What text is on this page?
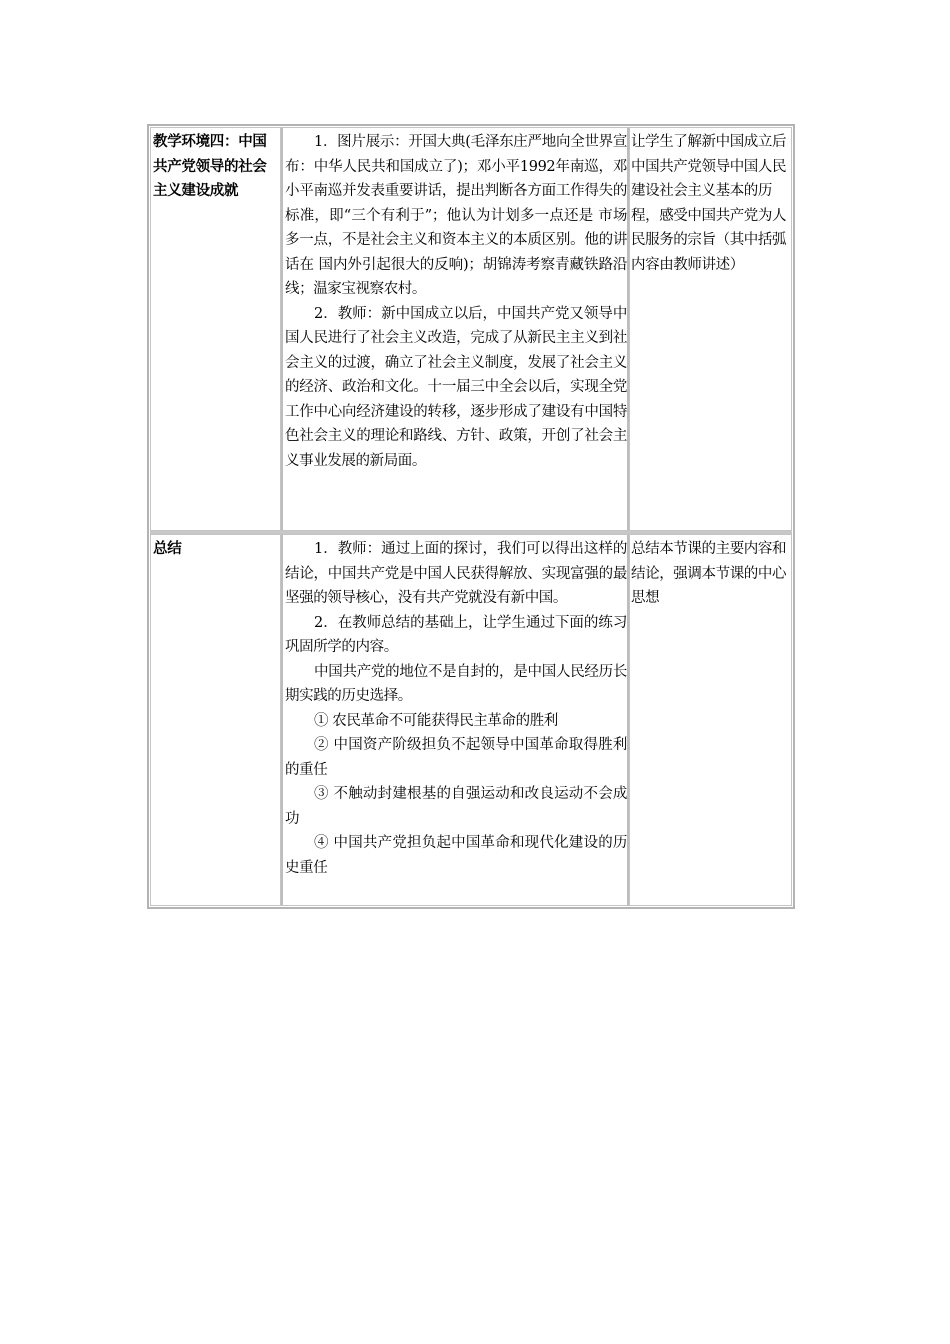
教学环境四：中国共产党领导的社会主义建设成就

1．图片展示：开国大典(毛泽东庄严地向全世界宣布：中华人民共和国成立了)；邓小平1992年南巡，邓小平南巡并发表重要讲话，提出判断各方面工作得失的标准，即“三个有利于”；他认为计划多一点还是 市场多一点，不是社会主义和资本主义的本质区别。他的讲话在 国内外引起很大的反响)；胡锦涛考察青藏铁路沿线；温家宝视察农村。

2．教师：新中国成立以后，中国共产党又领导中国人民进行了社会主义改造，完成了从新民主主义到社会主义的过渡，确立了社会主义制度，发展了社会主义的经济、政治和文化。十一届三中全会以后，实现全党工作中心向经济建设的转移，逐步形成了建设有中国特色社会主义的理论和路线、方针、政策，开创了社会主义事业发展的新局面。

让学生了解新中国成立后中国共产党领导中国人民建设社会主义基本的历程，感受中国共产党为人民服务的宗旨（其中括弧内容由教师讲述）

总结	1．教师：通过上面的探讨，我们可以得出这样的结论，中国共产党是中国人民获得解放、实现富强的最坚强的领导核心，没有共产党就没有新中国。

2．在教师总结的基础上，让学生通过下面的练习巩固所学的内容。

中国共产党的地位不是自封的，是中国人民经历长期实践的历史选择。

① 农民革命不可能获得民主革命的胜利

② 中国资产阶级担负不起领导中国革命取得胜利的重任

③ 不触动封建根基的自强运动和改良运动不会成功

④ 中国共产党担负起中国革命和现代化建设的历史重任

总结本节课的主要内容和结论，强调本节课的中心思想
